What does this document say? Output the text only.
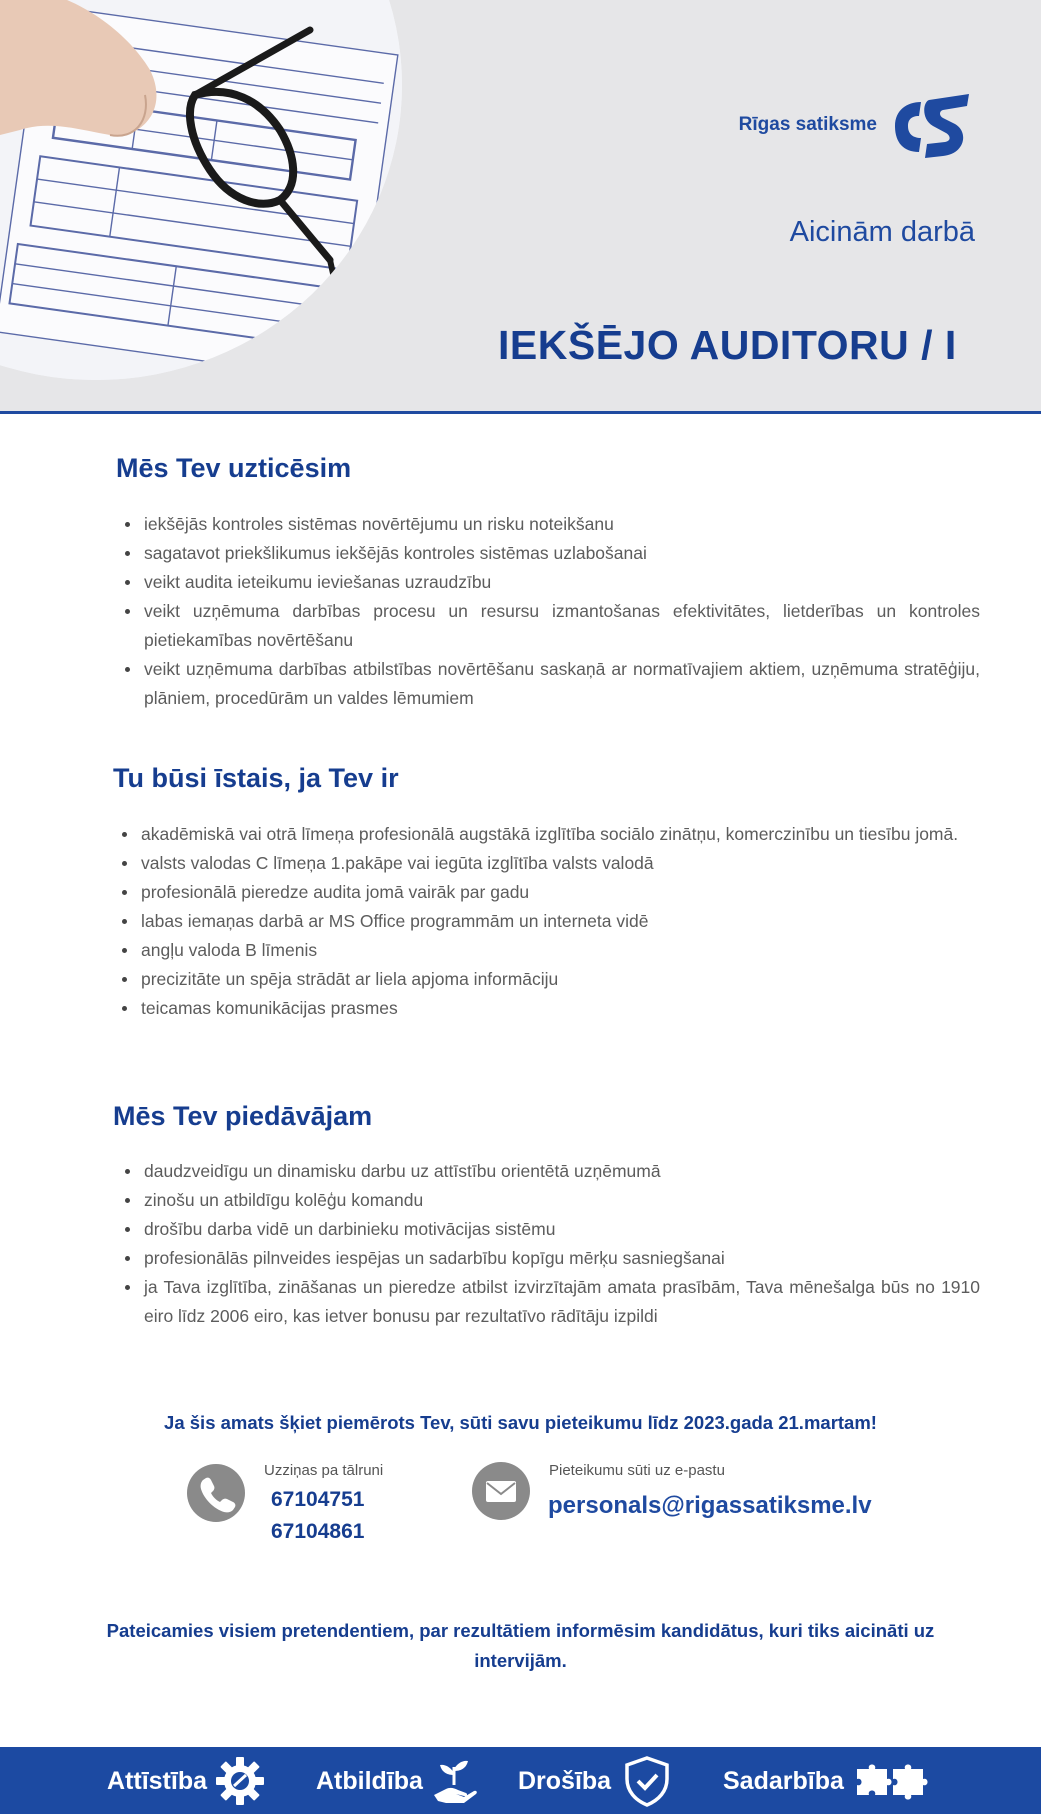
Rīgas satiksme
Aicinām darbā
IEKŠĒJO AUDITORU / I
Mēs Tev uzticēsim
iekšējās kontroles sistēmas novērtējumu un risku noteikšanu
sagatavot priekšlikumus iekšējās kontroles sistēmas uzlabošanai
veikt audita ieteikumu ieviešanas uzraudzību
veikt uzņēmuma darbības procesu un resursu izmantošanas efektivitātes, lietderības un kontroles pietiekamības novērtēšanu
veikt uzņēmuma darbības atbilstības novērtēšanu saskaņā ar normatīvajiem aktiem, uzņēmuma stratēģiju, plāniem, procedūrām un valdes lēmumiem
Tu būsi īstais, ja Tev ir
akadēmiskā vai otrā līmeņa profesionālā augstākā izglītība sociālo zinātņu, komerczinību un tiesību jomā.
valsts valodas C līmeņa 1.pakāpe vai iegūta izglītība valsts valodā
profesionālā pieredze audita jomā vairāk par gadu
labas iemaņas darbā ar MS Office programmām un interneta vidē
angļu valoda B līmenis
precizitāte un spēja strādāt ar liela apjoma informāciju
teicamas komunikācijas prasmes
Mēs Tev piedāvājam
daudzveidīgu un dinamisku darbu uz attīstību orientētā uzņēmumā
zinošu un atbildīgu kolēģu komandu
drošību darba vidē un darbinieku motivācijas sistēmu
profesionālās pilnveides iespējas un sadarbību kopīgu mērķu sasniegšanai
ja Tava izglītība, zināšanas un pieredze atbilst izvirzītajām amata prasībām, Tava mēnešalga būs no 1910 eiro līdz 2006 eiro, kas ietver bonusu par rezultatīvo rādītāju izpildi
Ja šis amats šķiet piemērots Tev, sūti savu pieteikumu līdz 2023.gada 21.martam!
Uzziņas pa tālruni
67104751
67104861
Pieteikumu sūti uz e-pastu
personals@rigassatiksme.lv
Pateicamies visiem pretendentiem, par rezultātiem informēsim kandidātus, kuri tiks aicināti uz intervijām.
Attīstība	Atbildība	Drošība	Sadarbība
